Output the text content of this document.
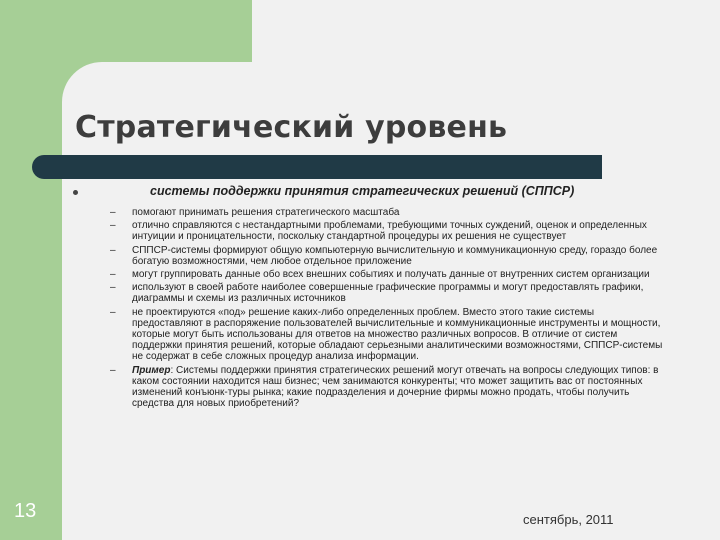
Стратегический уровень
системы поддержки принятия стратегических решений (СППСР)
– помогают принимать решения стратегического масштаба
– отлично справляются с нестандартными проблемами, требующими точных суждений, оценок и определенных интуиции и проницательности, поскольку стандартной процедуры их решения не существует
– СППСР-системы формируют общую компьютерную вычислительную и коммуникационную среду, гораздо более богатую возможностями, чем любое отдельное приложение
– могут группировать данные обо всех внешних событиях и получать данные от внутренних систем организации
– используют в своей работе наиболее совершенные графические программы и могут предоставлять графики, диаграммы и схемы из различных источников
– не проектируются «под» решение каких-либо определенных проблем. Вместо этого такие системы предоставляют в распоряжение пользователей вычислительные и коммуникационные инструменты и мощности, которые могут быть использованы для ответов на множество различных вопросов. В отличие от систем поддержки принятия решений, которые обладают серьезными аналитическими возможностями, СППСР-системы не содержат в себе сложных процедур анализа информации.
– Пример: Системы поддержки принятия стратегических решений могут отвечать на вопросы следующих типов: в каком состоянии находится наш бизнес; чем занимаются конкуренты; что может защитить вас от постоянных изменений конъюнк-туры рынка; какие подразделения и дочерние фирмы можно продать, чтобы получить средства для новых приобретений?
13	сентябрь, 2011
